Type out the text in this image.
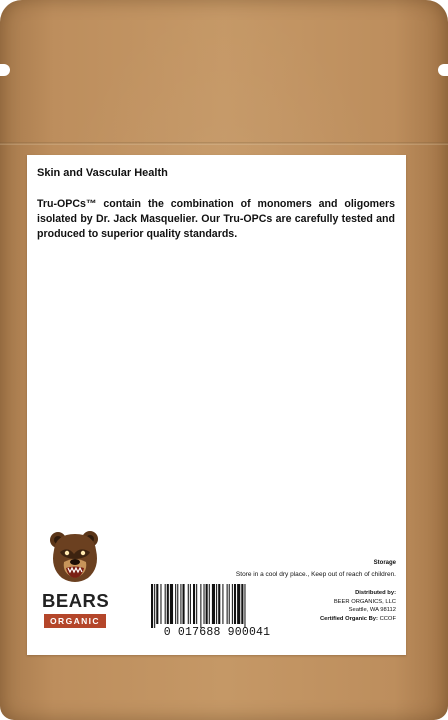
Skin and Vascular Health
Tru-OPCs™ contain the combination of monomers and oligomers isolated by Dr. Jack Masquelier. Our Tru-OPCs are carefully tested and produced to superior quality standards.
BEARS
ORGANIC
Storage
Store in a cool dry place., Keep out of reach of children.
0 017688 900041
Distributed by:
BEER ORGANICS, LLC
Seattle, WA 98112
Certified Organic By: CCOF
